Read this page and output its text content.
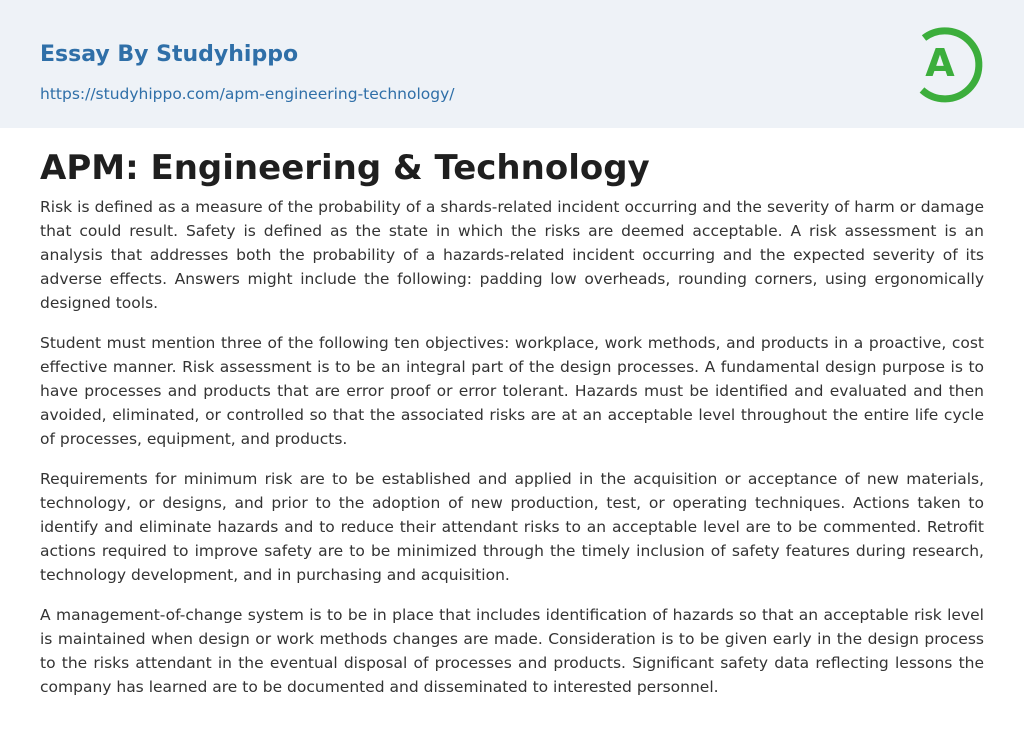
Essay By Studyhippo
https://studyhippo.com/apm-engineering-technology/
A
APM: Engineering & Technology

Risk is defined as a measure of the probability of a shards-related incident occurring and the severity of harm or damage that could result. Safety is defined as the state in which the risks are deemed acceptable. A risk assessment is an analysis that addresses both the probability of a hazards-related incident occurring and the expected severity of its adverse effects. Answers might include the following: padding low overheads, rounding corners, using ergonomically designed tools.

Student must mention three of the following ten objectives: workplace, work methods, and products in a proactive, cost effective manner. Risk assessment is to be an integral part of the design processes. A fundamental design purpose is to have processes and products that are error proof or error tolerant. Hazards must be identified and evaluated and then avoided, eliminated, or controlled so that the associated risks are at an acceptable level throughout the entire life cycle of processes, equipment, and products.

Requirements for minimum risk are to be established and applied in the acquisition or acceptance of new materials, technology, or designs, and prior to the adoption of new production, test, or operating techniques. Actions taken to identify and eliminate hazards and to reduce their attendant risks to an acceptable level are to be commented. Retrofit actions required to improve safety are to be minimized through the timely inclusion of safety features during research, technology development, and in purchasing and acquisition.

A management-of-change system is to be in place that includes identification of hazards so that an acceptable risk level is maintained when design or work methods changes are made. Consideration is to be given early in the design process to the risks attendant in the eventual disposal of processes and products. Significant safety data reflecting lessons the company has learned are to be documented and disseminated to interested personnel.
